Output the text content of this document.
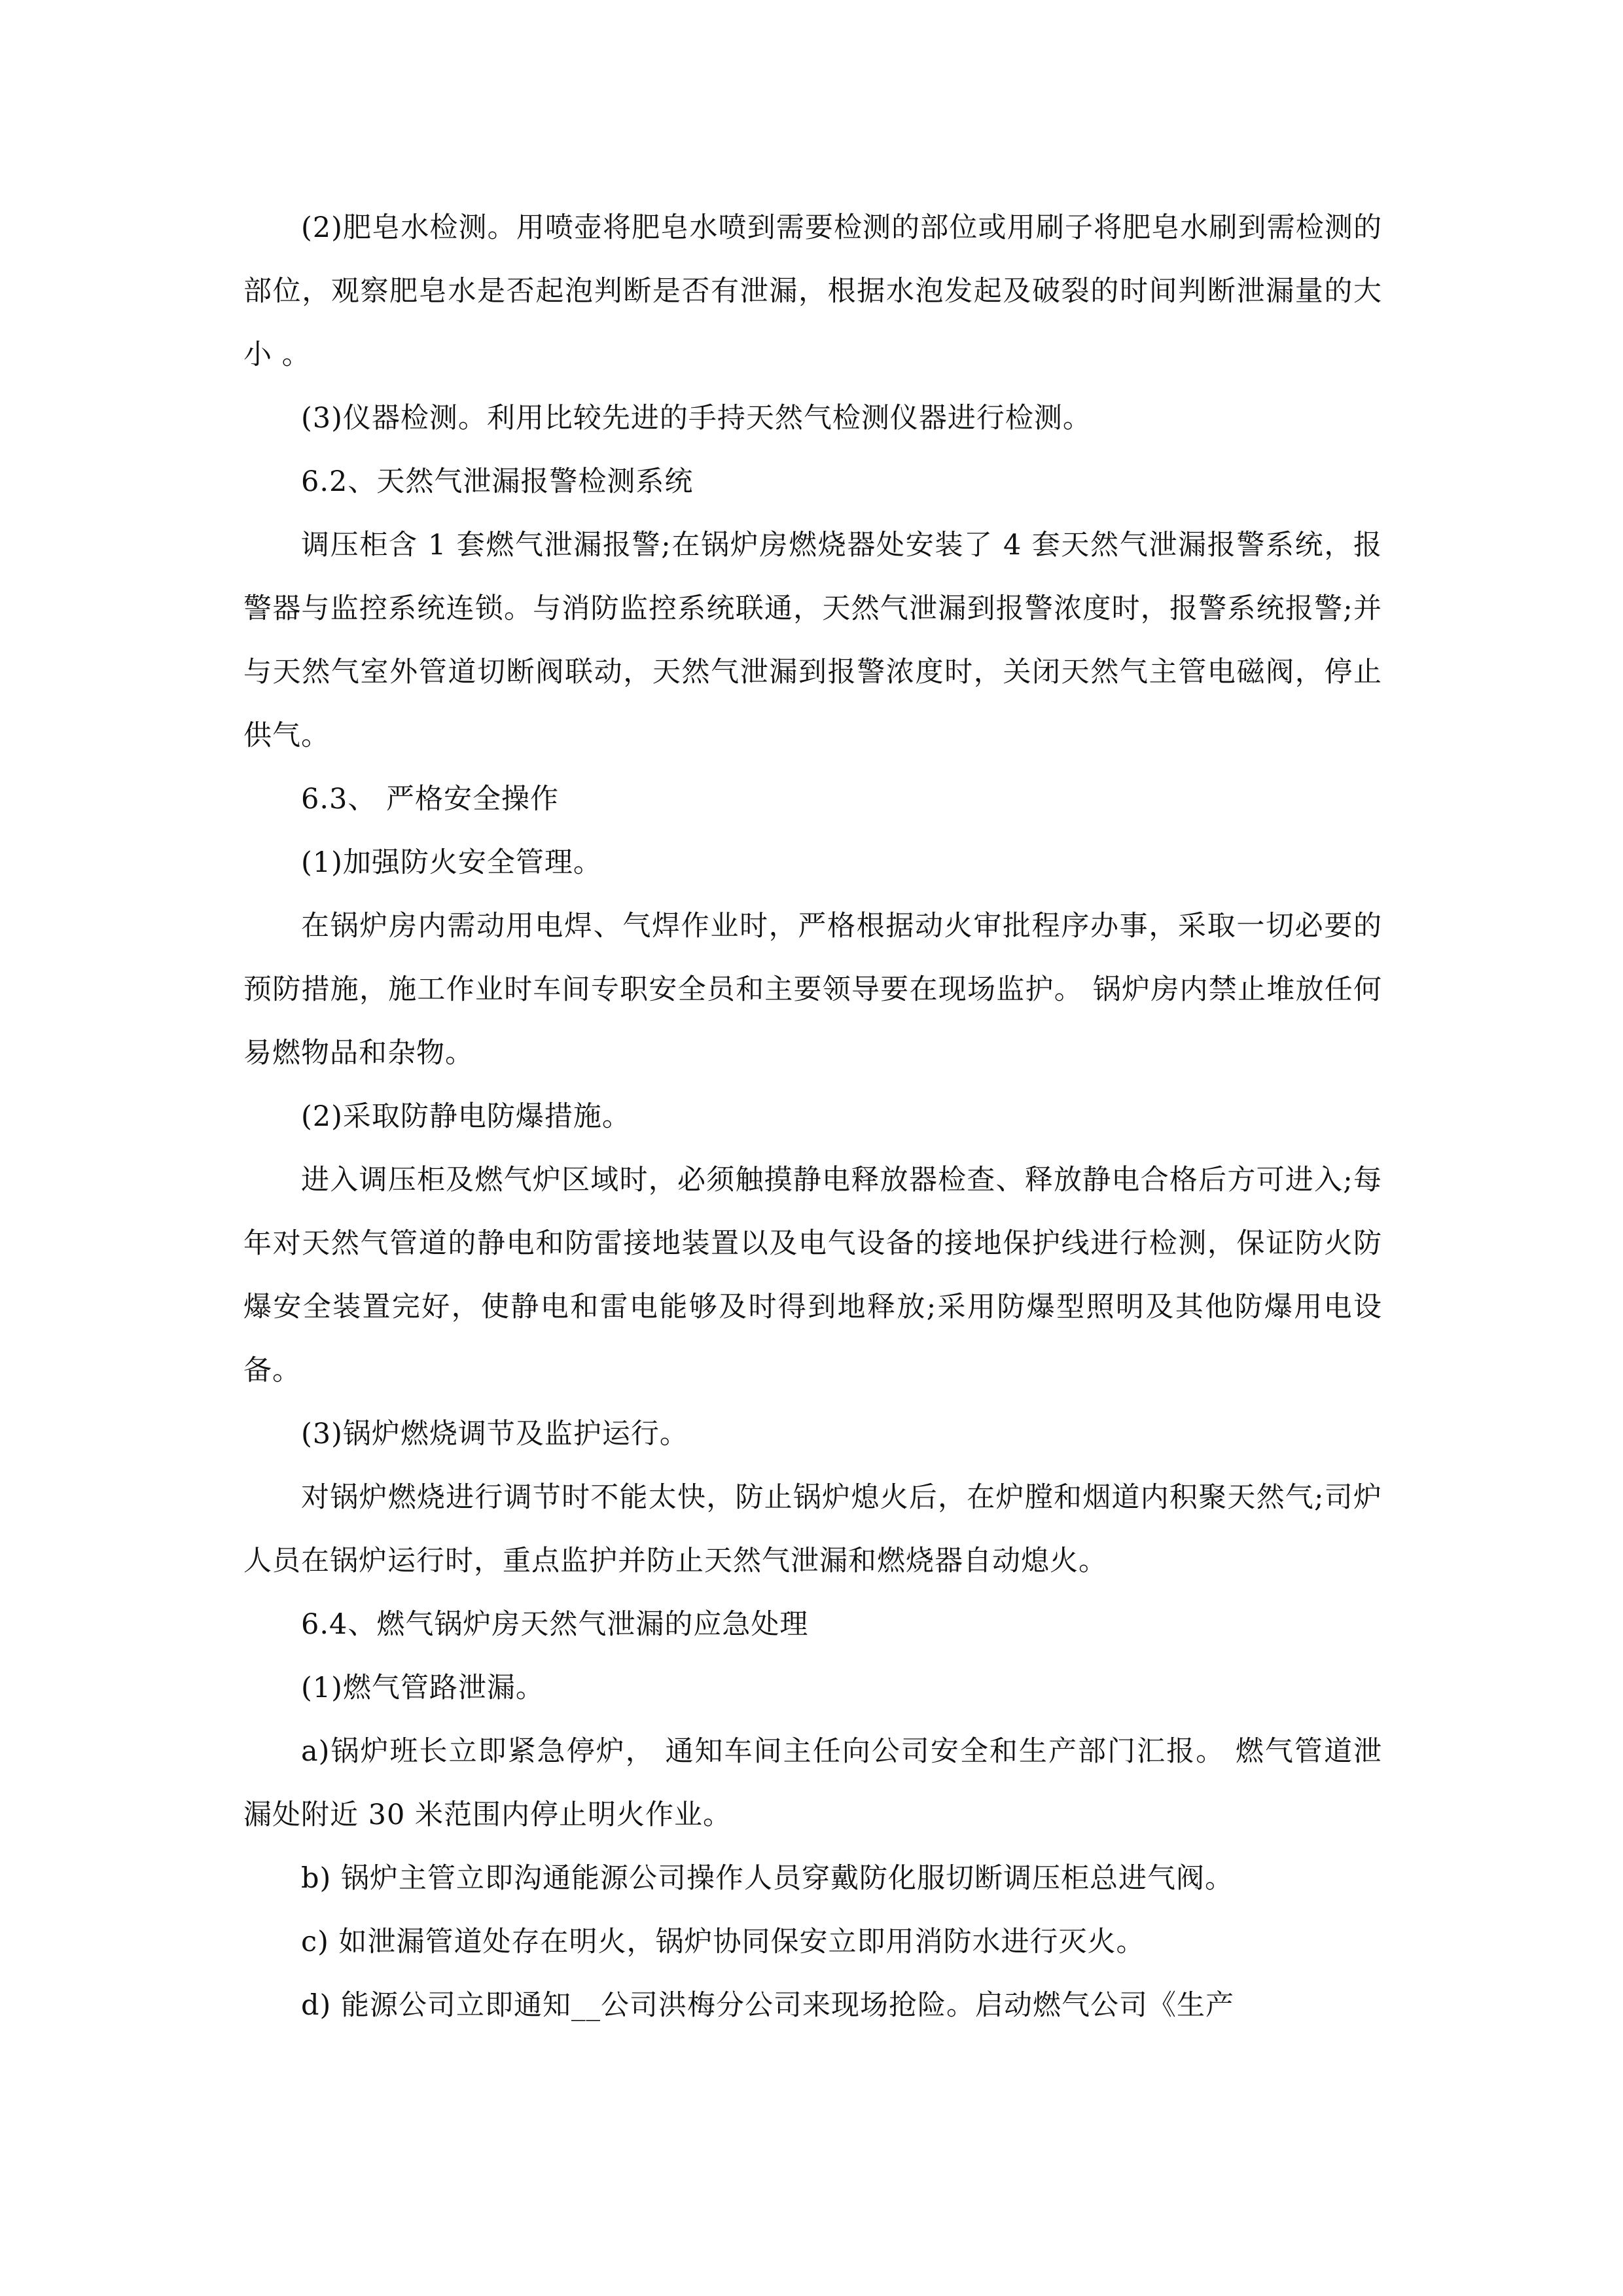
(2)肥皂水检测。用喷壶将肥皂水喷到需要检测的部位或用刷子将肥皂水刷到需检测的部位，观察肥皂水是否起泡判断是否有泄漏，根据水泡发起及破裂的时间判断泄漏量的大小 。

(3)仪器检测。利用比较先进的手持天然气检测仪器进行检测。

6.2、天然气泄漏报警检测系统

调压柜含 1 套燃气泄漏报警;在锅炉房燃烧器处安装了 4 套天然气泄漏报警系统，报警器与监控系统连锁。与消防监控系统联通，天然气泄漏到报警浓度时，报警系统报警;并与天然气室外管道切断阀联动，天然气泄漏到报警浓度时，关闭天然气主管电磁阀，停止供气。

6.3、 严格安全操作

(1)加强防火安全管理。

在锅炉房内需动用电焊、气焊作业时，严格根据动火审批程序办事，采取一切必要的预防措施，施工作业时车间专职安全员和主要领导要在现场监护。 锅炉房内禁止堆放任何易燃物品和杂物。

(2)采取防静电防爆措施。

进入调压柜及燃气炉区域时，必须触摸静电释放器检查、释放静电合格后方可进入;每年对天然气管道的静电和防雷接地装置以及电气设备的接地保护线进行检测，保证防火防爆安全装置完好，使静电和雷电能够及时得到地释放;采用防爆型照明及其他防爆用电设备。

(3)锅炉燃烧调节及监护运行。

对锅炉燃烧进行调节时不能太快，防止锅炉熄火后，在炉膛和烟道内积聚天然气;司炉人员在锅炉运行时，重点监护并防止天然气泄漏和燃烧器自动熄火。

6.4、燃气锅炉房天然气泄漏的应急处理

(1)燃气管路泄漏。

a)锅炉班长立即紧急停炉， 通知车间主任向公司安全和生产部门汇报。 燃气管道泄漏处附近 30 米范围内停止明火作业。

b) 锅炉主管立即沟通能源公司操作人员穿戴防化服切断调压柜总进气阀。

c) 如泄漏管道处存在明火，锅炉协同保安立即用消防水进行灭火。

d) 能源公司立即通知__公司洪梅分公司来现场抢险。启动燃气公司《生产
